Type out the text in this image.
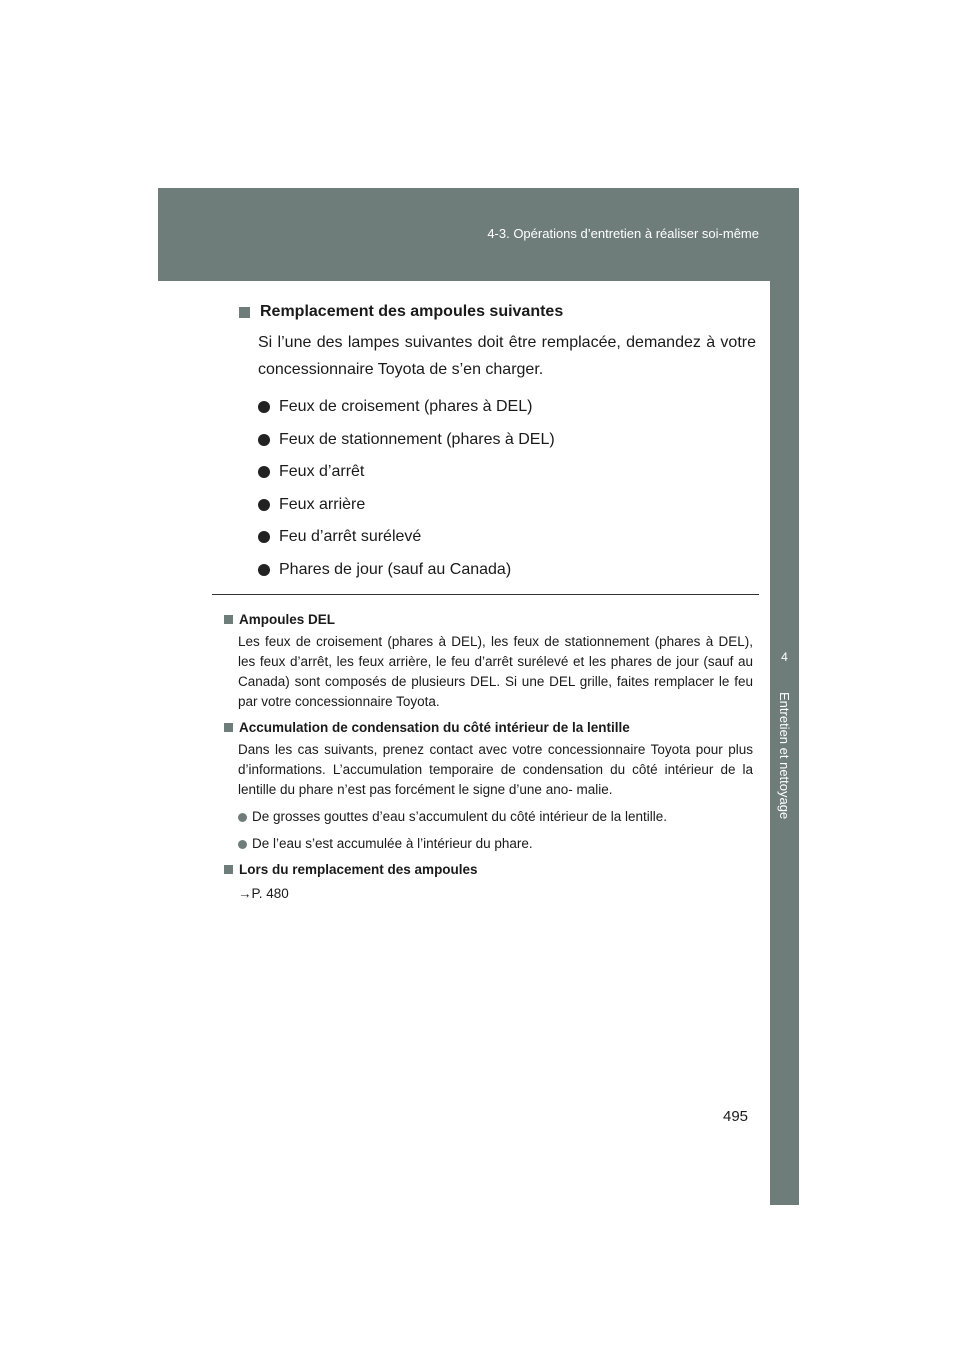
4-3. Opérations d’entretien à réaliser soi-même
4
Entretien et nettoyage
Remplacement des ampoules suivantes

Si l’une des lampes suivantes doit être remplacée, demandez à votre concessionnaire Toyota de s’en charger.

Feux de croisement (phares à DEL)
Feux de stationnement (phares à DEL)
Feux d’arrêt
Feux arrière
Feu d’arrêt surélevé
Phares de jour (sauf au Canada)
Ampoules DEL

Les feux de croisement (phares à DEL), les feux de stationnement (phares à DEL), les feux d’arrêt, les feux arrière, le feu d’arrêt surélevé et les phares de jour (sauf au Canada) sont composés de plusieurs DEL. Si une DEL grille, faites remplacer le feu par votre concessionnaire Toyota.

Accumulation de condensation du côté intérieur de la lentille

Dans les cas suivants, prenez contact avec votre concessionnaire Toyota pour plus d’informations. L’accumulation temporaire de condensation du côté intérieur de la lentille du phare n’est pas forcément le signe d’une ano- malie.

De grosses gouttes d’eau s’accumulent du côté intérieur de la lentille.
De l’eau s’est accumulée à l’intérieur du phare.
Lors du remplacement des ampoules
→P. 480
495
